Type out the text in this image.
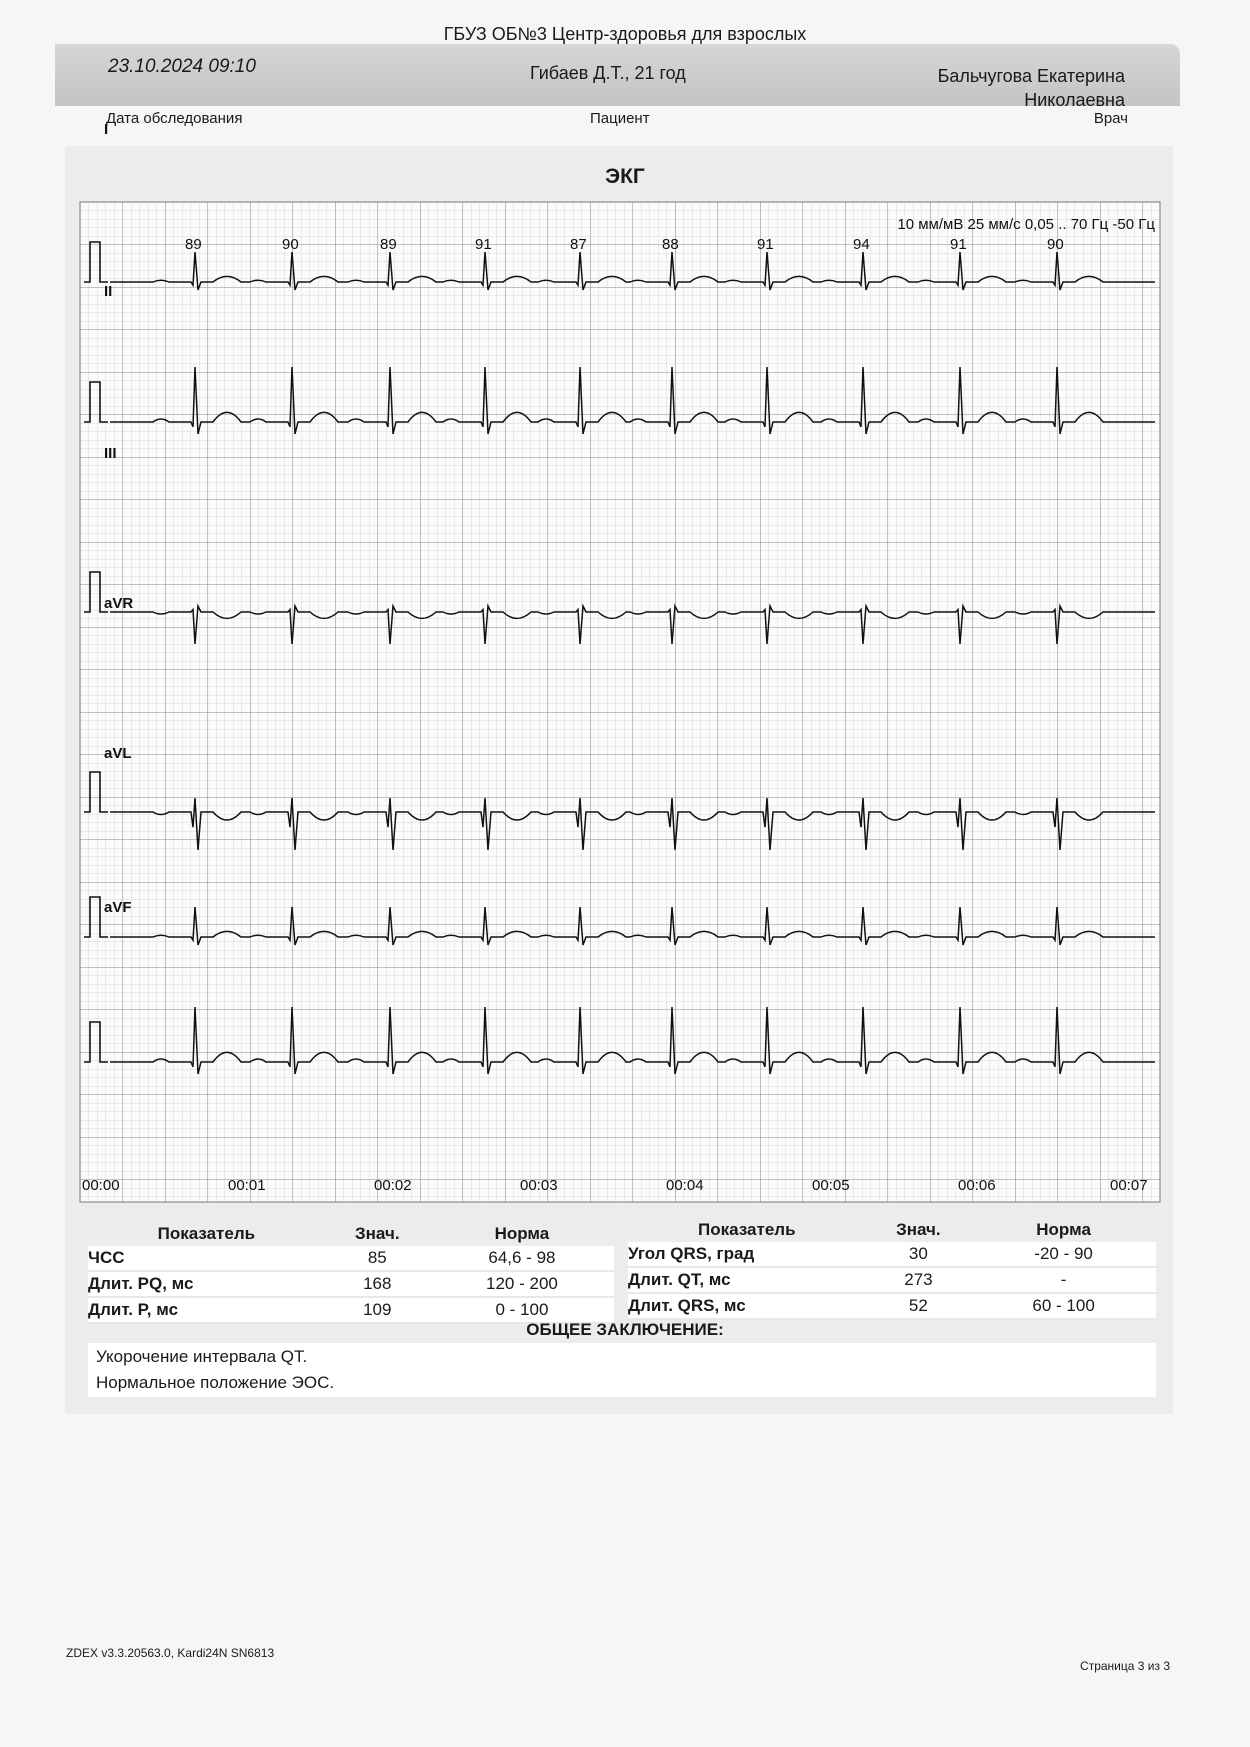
ГБУЗ ОБ№3 Центр-здоровья для взрослых
23.10.2024 09:10	Гибаев Д.Т., 21 год	Бальчугова Екатерина
Николаевна
Дата обследования	Пациент	Врач
ЭКГ
I
89	90	89	91	87	88	91	94	91	90
II
III
aVR
aVL
aVF
00:00	00:01	00:02	00:03	00:04	00:05	00:06	00:07
10 мм/мВ 25 мм/с 0,05 .. 70 Гц -50 Гц
Показатель	Знач.	Норма
ЧСС	85	64,6 - 98
Длит. PQ, мс	168	120 - 200
Длит. P, мс	109	0 - 100
Показатель	Знач.	Норма
Угол QRS, град	30	-20 - 90
Длит. QT, мс	273	-
Длит. QRS, мс	52	60 - 100
ОБЩЕЕ ЗАКЛЮЧЕНИЕ:
Укорочение интервала QT.
Нормальное положение ЭОС.
ZDEX v3.3.20563.0, Kardi24N SN6813
Страница 3 из 3
